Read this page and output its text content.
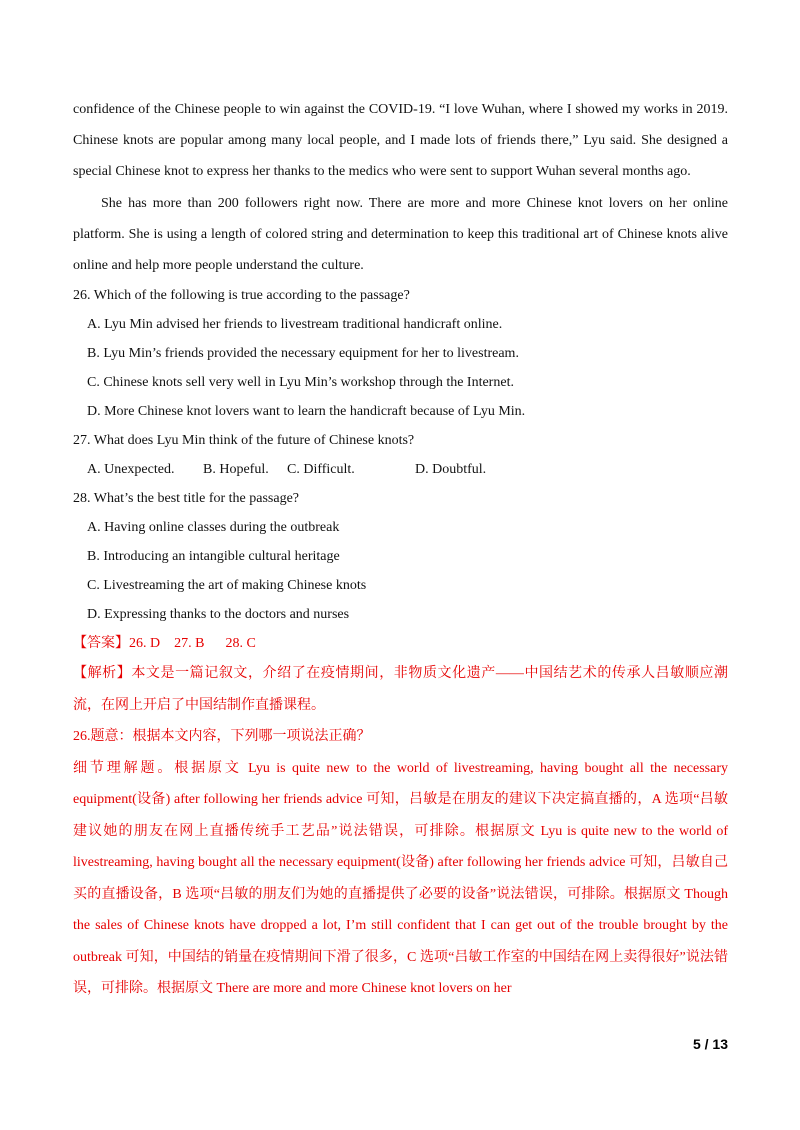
confidence of the Chinese people to win against the COVID-19. “I love Wuhan, where I showed my works in 2019. Chinese knots are popular among many local people, and I made lots of friends there,” Lyu said. She designed a special Chinese knot to express her thanks to the medics who were sent to support Wuhan several months ago.

She has more than 200 followers right now. There are more and more Chinese knot lovers on her online platform. She is using a length of colored string and determination to keep this traditional art of Chinese knots alive online and help more people understand the culture.

26. Which of the following is true according to the passage?

A. Lyu Min advised her friends to livestream traditional handicraft online.

B. Lyu Min’s friends provided the necessary equipment for her to livestream.

C. Chinese knots sell very well in Lyu Min’s workshop through the Internet.

D. More Chinese knot lovers want to learn the handicraft because of Lyu Min.

27. What does Lyu Min think of the future of Chinese knots?

A. Unexpected. B. Hopeful. C. Difficult.	D. Doubtful.

28. What’s the best title for the passage?

A. Having online classes during the outbreak

B. Introducing an intangible cultural heritage

C. Livestreaming the art of making Chinese knots

D. Expressing thanks to the doctors and nurses

【答案】26. D    27. B      28. C

【解析】本文是一篇记叙文，介绍了在疫情期间，非物质文化遗产——中国结艺术的传承人吕敏顺应潮流，在网上开启了中国结制作直播课程。

26.题意：根据本文内容，下列哪一项说法正确？

细节理解题。根据原文 Lyu is quite new to the world of livestreaming, having bought all the necessary equipment(设备) after following her friends advice 可知，吕敏是在朋友的建议下决定搞直播的，A 选项“吕敏建议她的朋友在网上直播传统手工艺品”说法错误，可排除。根据原文 Lyu is quite new to the world of livestreaming, having bought all the necessary equipment(设备) after following her friends advice 可知，吕敏自己买的直播设备，B 选项“吕敏的朋友们为她的直播提供了必要的设备”说法错误，可排除。根据原文 Though the sales of Chinese knots have dropped a lot, I’m still confident that I can get out of the trouble brought by the outbreak 可知，中国结的销量在疫情期间下滑了很多，C 选项“吕敏工作室的中国结在网上卖得很好”说法错误，可排除。根据原文 There are more and more Chinese knot lovers on her

5 / 13
